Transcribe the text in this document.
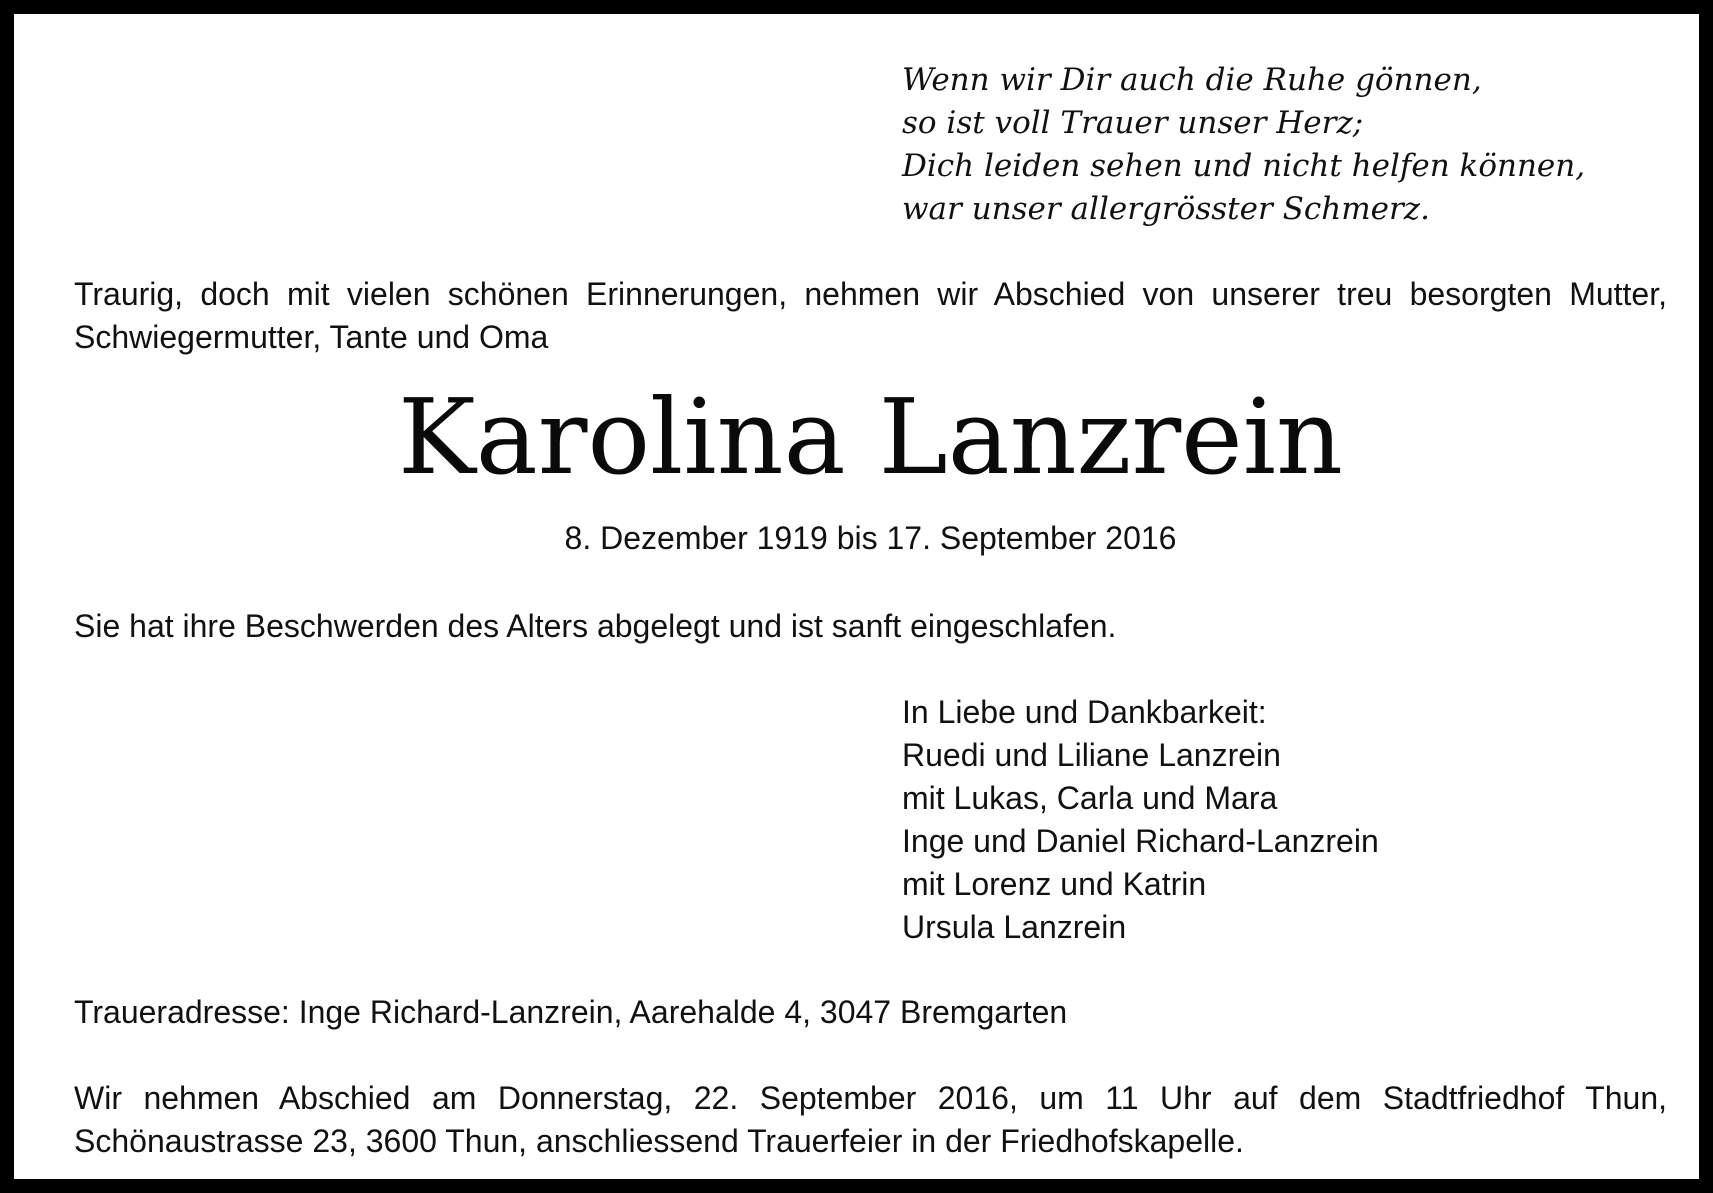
Wenn wir Dir auch die Ruhe gönnen,
so ist voll Trauer unser Herz;
Dich leiden sehen und nicht helfen können,
war unser allergrösster Schmerz.
Traurig, doch mit vielen schönen Erinnerungen, nehmen wir Abschied von unserer treu besorgten Mutter, Schwiegermutter, Tante und Oma
Karolina Lanzrein
8. Dezember 1919 bis 17. September 2016
Sie hat ihre Beschwerden des Alters abgelegt und ist sanft eingeschlafen.
In Liebe und Dankbarkeit:
Ruedi und Liliane Lanzrein
mit Lukas, Carla und Mara
Inge und Daniel Richard-Lanzrein
mit Lorenz und Katrin
Ursula Lanzrein
Traueradresse: Inge Richard-Lanzrein, Aarehalde 4, 3047 Bremgarten
Wir nehmen Abschied am Donnerstag, 22. September 2016, um 11 Uhr auf dem Stadtfriedhof Thun, Schönaustrasse 23, 3600 Thun, anschliessend Trauerfeier in der Friedhofskapelle.
